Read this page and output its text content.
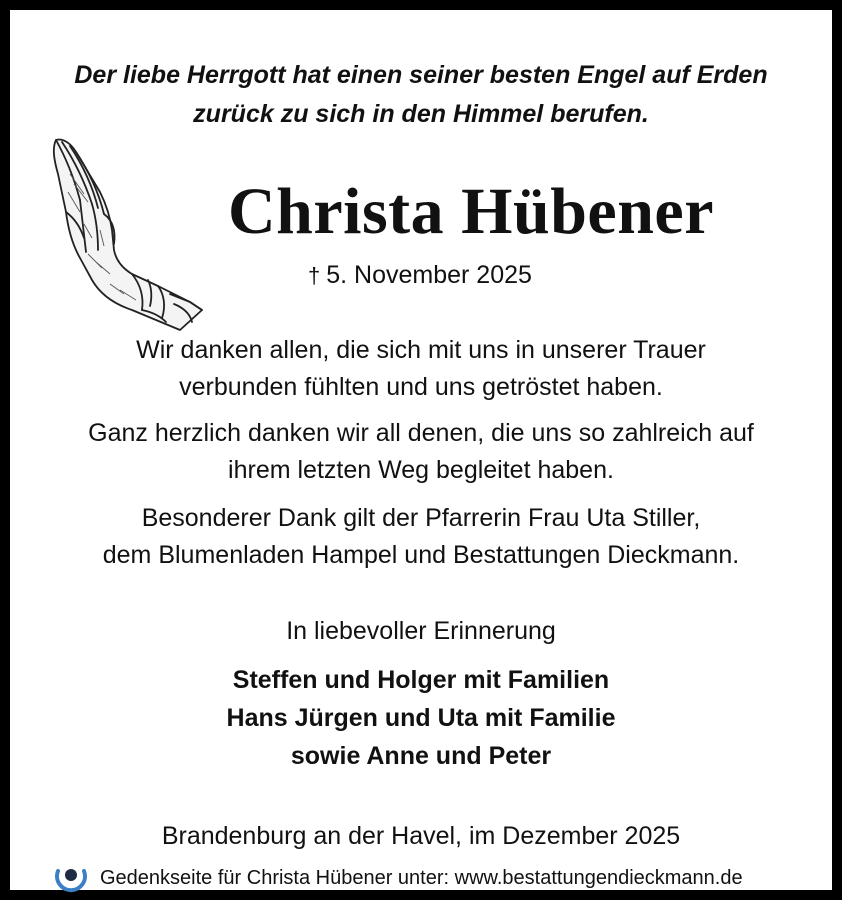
Der liebe Herrgott hat einen seiner besten Engel auf Erden
zurück zu sich in den Himmel berufen.
Christa Hübener
† 5. November 2025
Wir danken allen, die sich mit uns in unserer Trauer
verbunden fühlten und uns getröstet haben.
Ganz herzlich danken wir all denen, die uns so zahlreich auf
ihrem letzten Weg begleitet haben.
Besonderer Dank gilt der Pfarrerin Frau Uta Stiller,
dem Blumenladen Hampel und Bestattungen Dieckmann.
In liebevoller Erinnerung
Steffen und Holger mit Familien
Hans Jürgen und Uta mit Familie
sowie Anne und Peter
Brandenburg an der Havel, im Dezember 2025
Gedenkseite für Christa Hübener unter: www.bestattungendieckmann.de
